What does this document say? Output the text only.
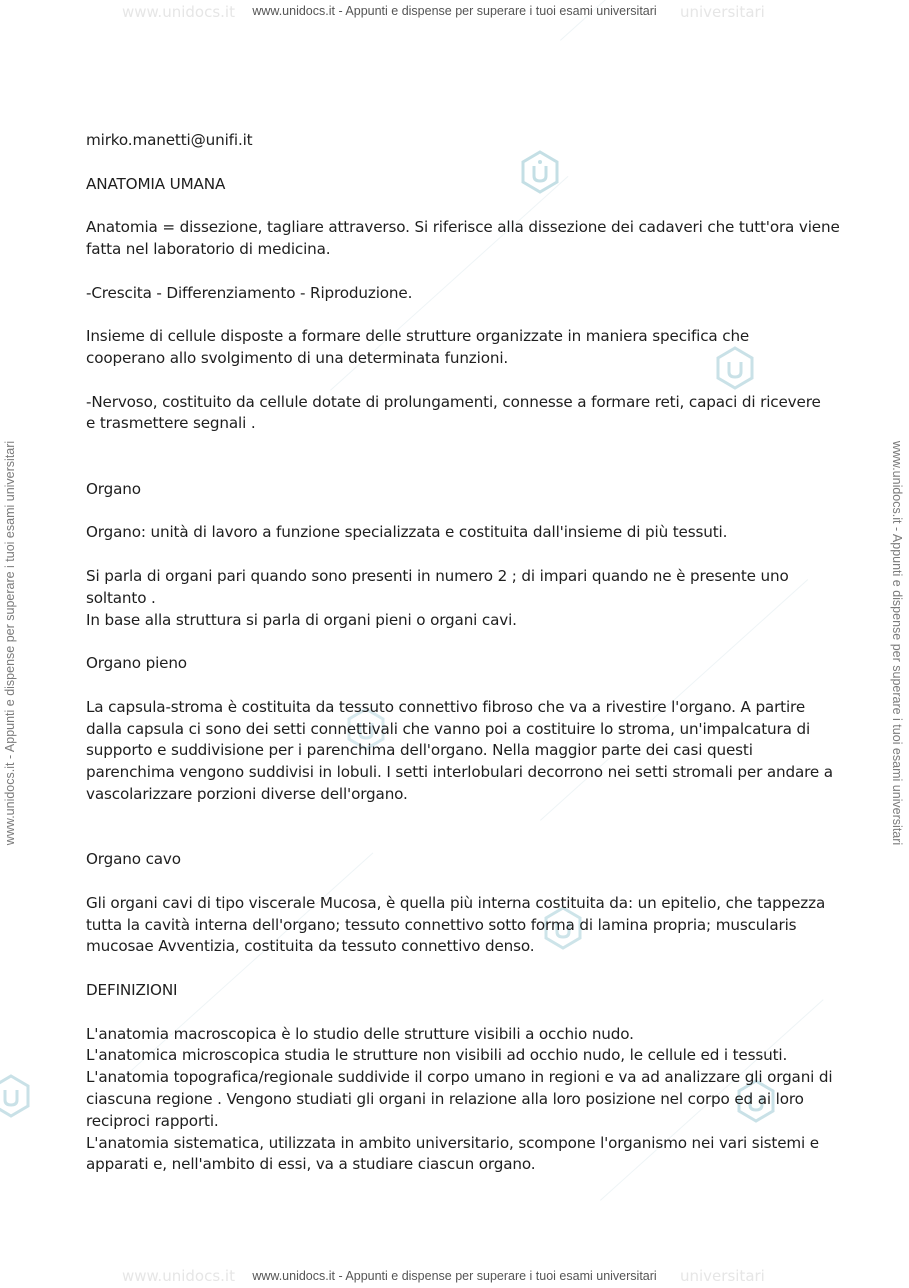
www.unidocs.it	universitari
www.unidocs.it - Appunti e dispense per superare i tuoi esami universitari
www.unidocs.it	universitari
www.unidocs.it - Appunti e dispense per superare i tuoi esami universitari
www.unidocs.it - Appunti e dispense per superare i tuoi esami universitari	www.unidocs.it - Appunti e dispense per superare i tuoi esami universitari

mirko.manetti@unifi.it

ANATOMIA UMANA

Anatomia = dissezione, tagliare attraverso. Si riferisce alla dissezione dei cadaveri che tutt'ora viene

fatta nel laboratorio di medicina.

-Crescita - Differenziamento - Riproduzione.

Insieme di cellule disposte a formare delle strutture organizzate in maniera specifica che

cooperano allo svolgimento di una determinata funzioni.

-Nervoso, costituito da cellule dotate di prolungamenti, connesse a formare reti, capaci di ricevere

e trasmettere segnali .

Organo

Organo: unità di lavoro a funzione specializzata e costituita dall'insieme di più tessuti.

Si parla di organi pari quando sono presenti in numero 2 ; di impari quando ne è presente uno

soltanto .

In base alla struttura si parla di organi pieni o organi cavi.

Organo pieno

La capsula-stroma è costituita da tessuto connettivo fibroso che va a rivestire l'organo. A partire

dalla capsula ci sono dei setti connettivali che vanno poi a costituire lo stroma, un'impalcatura di

supporto e suddivisione per i parenchima dell'organo. Nella maggior parte dei casi questi

parenchima vengono suddivisi in lobuli. I setti interlobulari decorrono nei setti stromali per andare a

vascolarizzare porzioni diverse dell'organo.

Organo cavo

Gli organi cavi di tipo viscerale Mucosa, è quella più interna costituita da: un epitelio, che tappezza

tutta la cavità interna dell'organo; tessuto connettivo sotto forma di lamina propria; muscularis

mucosae Avventizia, costituita da tessuto connettivo denso.

DEFINIZIONI

L'anatomia macroscopica è lo studio delle strutture visibili a occhio nudo.

L'anatomica microscopica studia le strutture non visibili ad occhio nudo, le cellule ed i tessuti.

L'anatomia topografica/regionale suddivide il corpo umano in regioni e va ad analizzare gli organi di

ciascuna regione . Vengono studiati gli organi in relazione alla loro posizione nel corpo ed ai loro

reciproci rapporti.

L'anatomia sistematica, utilizzata in ambito universitario, scompone l'organismo nei vari sistemi e

apparati e, nell'ambito di essi, va a studiare ciascun organo.
